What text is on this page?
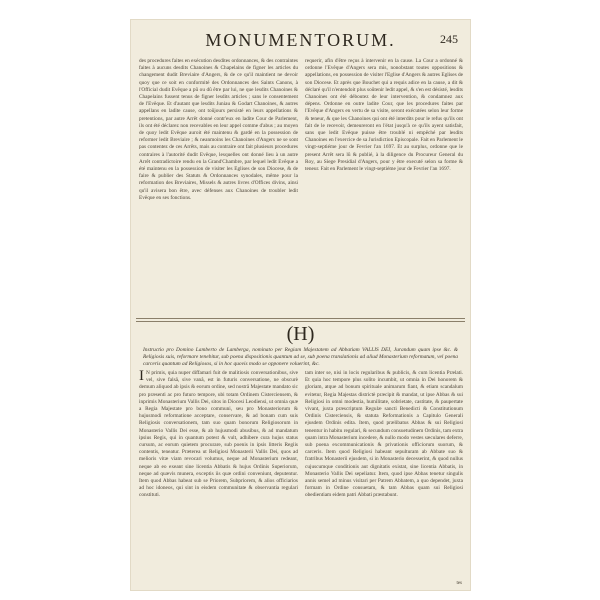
MONUMENTORUM.	245

des procedures faites en exécution desdites ordonnances, & des contraintes faites à aucuns desdits Chanoines & Chapelains de figner les articles du changement dudit Breviaire d'Angers, & de ce qu'il maintient ne devoir quoy que ce soit en conformité des Ordonnances des Saints Canons, à l'Official dudit Evêque a pû ou dû être par lui, ne que lesdits Chanoines & Chapelains fussent tenus de figner lesdits articles ; sans le consentement de l'Evêque. Et d'autant que lesdits Juniau & Godart Chanoines, & autres appellans en ladite cause, ont toûjours persisté en leurs appellations & pretentions, par autre Arrêt donné contr'eux en ladite Cour de Parlement, ils ont été déclarez non recevables en leur appel comme d'abus ; au moyen de quoy ledit Evêque auroit été maintenu & gardé en la possession de reformer ledit Breviaire ; & neanmoins les Chanoines d'Angers ne se sont pas contentez de ces Arrêts, mais au contraire ont fait plusieurs procedures contraires à l'autorité dudit Evêque, lesquelles ont donné lieu à un autre Arrêt contradictoire rendu en la Grand'Chambre, par lequel ledit Evêque a été maintenu en la possession de visiter les Eglises de son Diocese, & de faire & publier des Statuts & Ordonnances synodales, même pour la reformation des Breviaires, Missels & autres livres d'Offices divins, ainsi qu'il avisera bon être, avec défenses aux Chanoines de troubler ledit Evêque en ses fonctions.

requerir, afin d'être reçus à intervenir en la cause. La Cour a ordonné & ordonne l'Evêque d'Angers sera mis, nonobstant toutes oppositions & appellations, en possession de visiter l'Eglise d'Angers & autres Eglises de son Diocese. Et après que Bouchet qui a requis adice en la cause, a dit & déclaré qu'il n'entendoit plus soûtenir ledit appel, & s'en est désisté, lesdits Chanoines ont été déboutez de leur intervention, & condamnez aux dépens. Ordonne en outre ladite Cour, que les procedures faites par l'Evêque d'Angers en vertu de sa visite, seront exécutées selon leur forme & teneur, & que les Chanoines qui ont été interdits pour le refus qu'ils ont fait de le recevoir, demeureront en l'état jusqu'à ce qu'ils ayent satisfait, sans que ledit Evêque puisse être troublé ni empêché par lesdits Chanoines en l'exercice de sa Jurisdiction Episcopale. Fait en Parlement le vingt-septiéme jour de Fevrier l'an 1697. Et au surplus, ordonne que le present Arrêt sera lû & publié, à la diligence du Procureur General du Roy, au Siege Presidial d'Angers, pour y être executé selon sa forme & teneur. Fait en Parlement le vingt-septiéme jour de Fevrier l'an 1697.

(H)
Instructio pro Domino Lamberto de Lamberga, nominato per Regiam Majestatem ad Abbatiam VALLIS DEI, Jurandum quam ipse &c. & Religiosis suis, reformare tenebitur, sub poena dispositionis quantum ad se, sub poena translationis ad aliud Monasterium reformatum, vel poena carceris quantum ad Religiosos, si in hoc quovis modo se opponere voluerint, &c.
I N primis, quia nuper diffamari fuit de malitiosis conversationibus, sive vel, sive falsâ, sive vanâ, est in futuris conversatione, ne obscurè demum aliquod ab ipsis & eorum ordine, sed nostrâ Majestate mandato sic pro præsenti ac pro futuro tempore, ubi totam Ordinem Cisterciensem, & inprimis Monasterium Vallis Dei, sitos in Diocesi Leodiensi, ut omnia quæ a Regia Majestate pro bono communi, seu pro Monasteriorum & hujusmodi reformatione acceptare, conservare, & ad bonam cum suis Religiosis conversationem, tam suo quam bonorum Religiosorum in Monasterio Vallis Dei esse, & ab hujusmodi abusibus, & ad mandatum ipsius Regis, qui in quantum potest & vult, adhibere cura hujus status cursum, ac eorum quietem procurare, sub poenis in ipsis litteris Regiis contentis, teneatur. Præterea ut Religiosi Monasterii Vallis Dei, quos ad melioris vitæ viam revocari volumus, neque ad Monasterium redeant, neque ab eo exeant sine licentia Abbatis & hujus Ordinis Superiorum, neque ad quævis munera, exceptis iis quæ ordini conveniunt, deputentur. Item quod Abbas habeat sub se Priorem, Subpriorem, & alios officiarios ad hoc idoneos, qui sint in eisdem communitate & observantia regulari constituti.

tam inter se, nisi in locis regularibus & publicis, & cum licentia Prælati. Et quia hoc tempore plus solito incumbit, ut omnia in Dei honorem & gloriam, atque ad bonum spirituale animarum fiant, & etiam scandalum evitetur, Regia Majestas districtè præcipit & mandat, ut ipse Abbas & sui Religiosi in omni modestia, humilitate, sobrietate, castitate, & paupertate vivant, juxta præscriptum Regulæ sancti Benedicti & Constitutionum Ordinis Cisterciensis, & statuta Reformationis a Capitulo Generali ejusdem Ordinis edita. Item, quod prælibatus Abbas & sui Religiosi tenentur in habitu regulari, & secundum consuetudinem Ordinis, tam extra quam intra Monasterium incedere, & nullo modo vestes sæculares deferre, sub poena excommunicationis & privationis officiorum suorum, & carceris. Item quod Religiosi habeant sepulturam ab Abbate suo & fratribus Monasterii ejusdem, si in Monasterio decesserint, & quod nullus cujuscumque conditionis aut dignitatis existat, sine licentia Abbatis, in Monasterio Vallis Dei sepeliatur. Item, quod ipse Abbas tenetur singulis annis semel ad minus visitari per Patrem Abbatem, a quo dependet, juxta formam in Ordine consuetam, & tam Abbas quam sui Religiosi obedientiam eidem patri Abbati præstabunt.

tes
